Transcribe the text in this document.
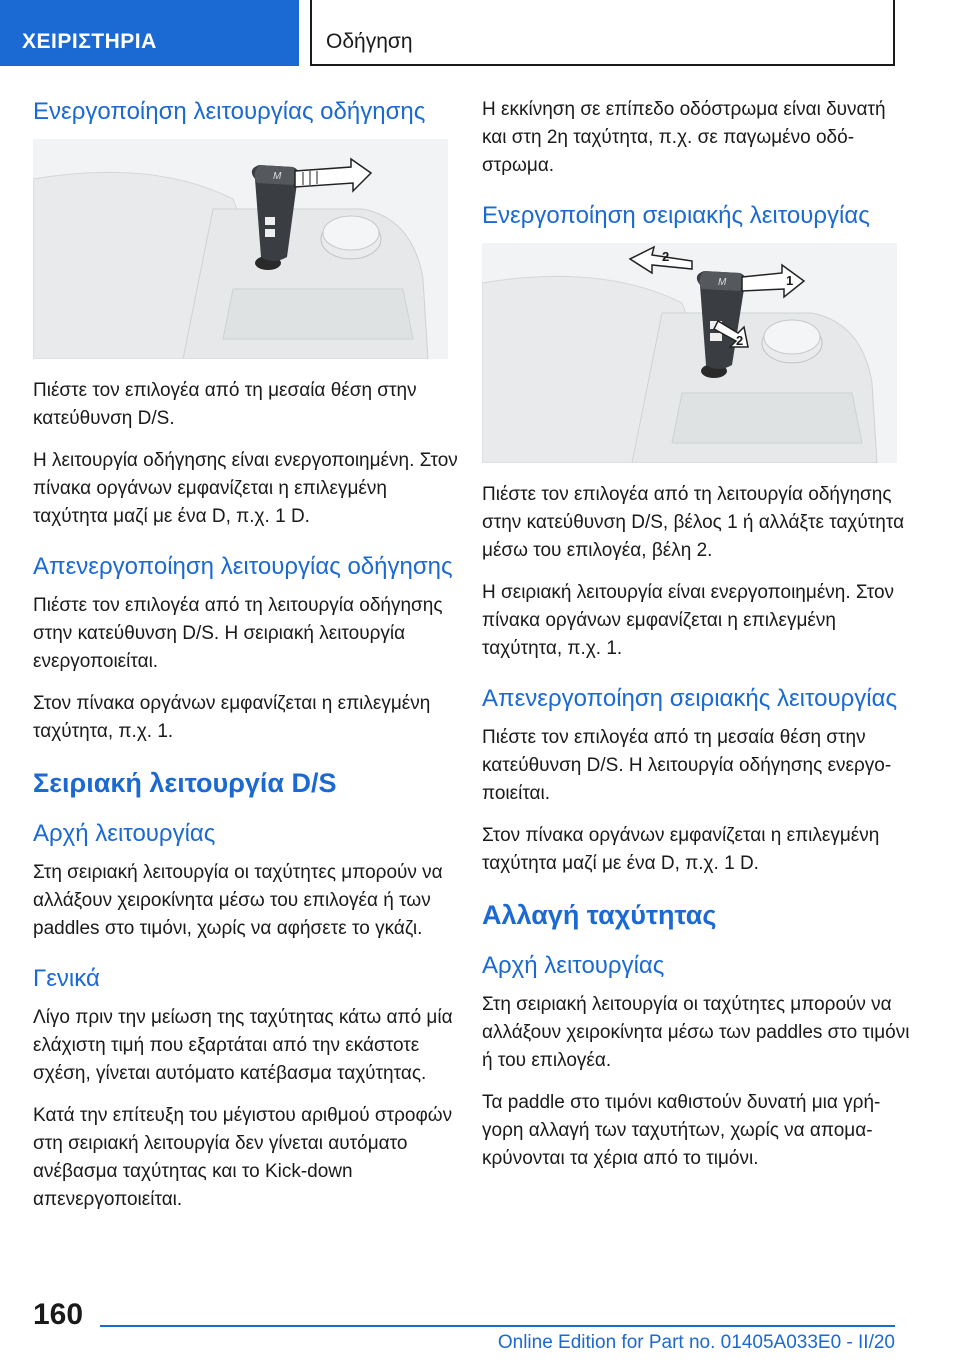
ΧΕΙΡΙΣΤΗΡΙΑ	Οδήγηση
Ενεργοποίηση λειτουργίας οδήγησης
M

Πιέστε τον επιλογέα από τη μεσαία θέση στην κατεύθυνση D/S.

Η λειτουργία οδήγησης είναι ενεργοποιημένη. Στον πίνακα οργάνων εμφανίζεται η επιλεγμένη ταχύτητα μαζί με ένα D, π.χ. 1 D.

Απενεργοποίηση λειτουργίας οδήγησης

Πιέστε τον επιλογέα από τη λειτουργία οδήγησης στην κατεύθυνση D/S. Η σειριακή λειτουργία ενεργοποιείται.

Στον πίνακα οργάνων εμφανίζεται η επιλεγμένη ταχύτητα, π.χ. 1.

Σειριακή λειτουργία D/S
Αρχή λειτουργίας

Στη σειριακή λειτουργία οι ταχύτητες μπορούν να αλλάξουν χειροκίνητα μέσω του επιλογέα ή των paddles στο τιμόνι, χωρίς να αφήσετε το γκάζι.

Γενικά

Λίγο πριν την μείωση της ταχύτητας κάτω από μία ελάχιστη τιμή που εξαρτάται από την εκάστοτε σχέση, γίνεται αυτόματο κατέβασμα ταχύτητας.

Κατά την επίτευξη του μέγιστου αριθμού στροφών στη σειριακή λειτουργία δεν γίνεται αυτόματο ανέβασμα ταχύτητας και το Kick-down απενεργοποιείται.

Η εκκίνηση σε επίπεδο οδόστρωμα είναι δυνατή και στη 2η ταχύτητα, π.χ. σε παγωμένο οδόστρωμα.

Ενεργοποίηση σειριακής λειτουργίας
M
2
1
2

Πιέστε τον επιλογέα από τη λειτουργία οδήγησης στην κατεύθυνση D/S, βέλος 1 ή αλλάξτε ταχύτητα μέσω του επιλογέα, βέλη 2.

Η σειριακή λειτουργία είναι ενεργοποιημένη. Στον πίνακα οργάνων εμφανίζεται η επιλεγμένη ταχύτητα, π.χ. 1.

Απενεργοποίηση σειριακής λειτουργίας

Πιέστε τον επιλογέα από τη μεσαία θέση στην κατεύθυνση D/S. Η λειτουργία οδήγησης ενεργοποιείται.

Στον πίνακα οργάνων εμφανίζεται η επιλεγμένη ταχύτητα μαζί με ένα D, π.χ. 1 D.

Αλλαγή ταχύτητας
Αρχή λειτουργίας

Στη σειριακή λειτουργία οι ταχύτητες μπορούν να αλλάξουν χειροκίνητα μέσω των paddles στο τιμόνι ή του επιλογέα.

Τα paddle στο τιμόνι καθιστούν δυνατή μια γρήγορη αλλαγή των ταχυτήτων, χωρίς να απομακρύνονται τα χέρια από το τιμόνι.

160
Online Edition for Part no. 01405A033E0 - II/20
